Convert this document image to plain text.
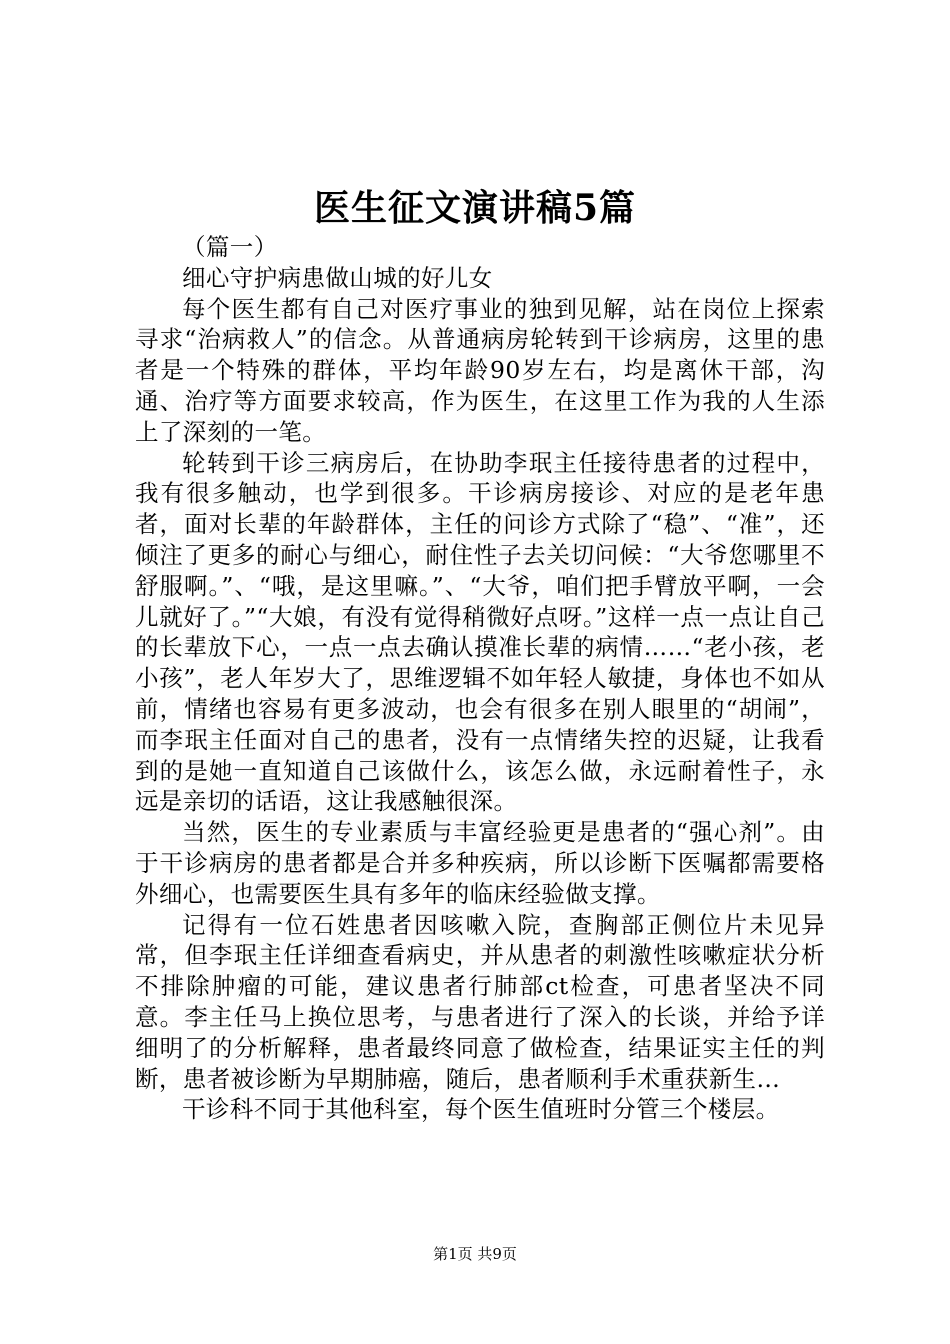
医生征文演讲稿5篇

（篇一）

细心守护病患做山城的好儿女

每个医生都有自己对医疗事业的独到见解，站在岗位上探索寻求“治病救人”的信念。从普通病房轮转到干诊病房，这里的患者是一个特殊的群体，平均年龄90岁左右，均是离休干部，沟通、治疗等方面要求较高，作为医生，在这里工作为我的人生添上了深刻的一笔。

轮转到干诊三病房后，在协助李珉主任接待患者的过程中，我有很多触动，也学到很多。干诊病房接诊、对应的是老年患者，面对长辈的年龄群体，主任的问诊方式除了“稳”、“准”，还倾注了更多的耐心与细心，耐住性子去关切问候：“大爷您哪里不舒服啊。”、“哦，是这里嘛。”、“大爷，咱们把手臂放平啊，一会儿就好了。”“大娘，有没有觉得稍微好点呀。”这样一点一点让自己的长辈放下心，一点一点去确认摸准长辈的病情……“老小孩，老小孩”，老人年岁大了，思维逻辑不如年轻人敏捷，身体也不如从前，情绪也容易有更多波动，也会有很多在别人眼里的“胡闹”，而李珉主任面对自己的患者，没有一点情绪失控的迟疑，让我看到的是她一直知道自己该做什么，该怎么做，永远耐着性子，永远是亲切的话语，这让我感触很深。

当然，医生的专业素质与丰富经验更是患者的“强心剂”。由于干诊病房的患者都是合并多种疾病，所以诊断下医嘱都需要格外细心，也需要医生具有多年的临床经验做支撑。

记得有一位石姓患者因咳嗽入院，查胸部正侧位片未见异常，但李珉主任详细查看病史，并从患者的刺激性咳嗽症状分析不排除肿瘤的可能，建议患者行肺部ct检查，可患者坚决不同意。李主任马上换位思考，与患者进行了深入的长谈，并给予详细明了的分析解释，患者最终同意了做检查，结果证实主任的判断，患者被诊断为早期肺癌，随后，患者顺利手术重获新生…

干诊科不同于其他科室，每个医生值班时分管三个楼层。

第1页 共9页
